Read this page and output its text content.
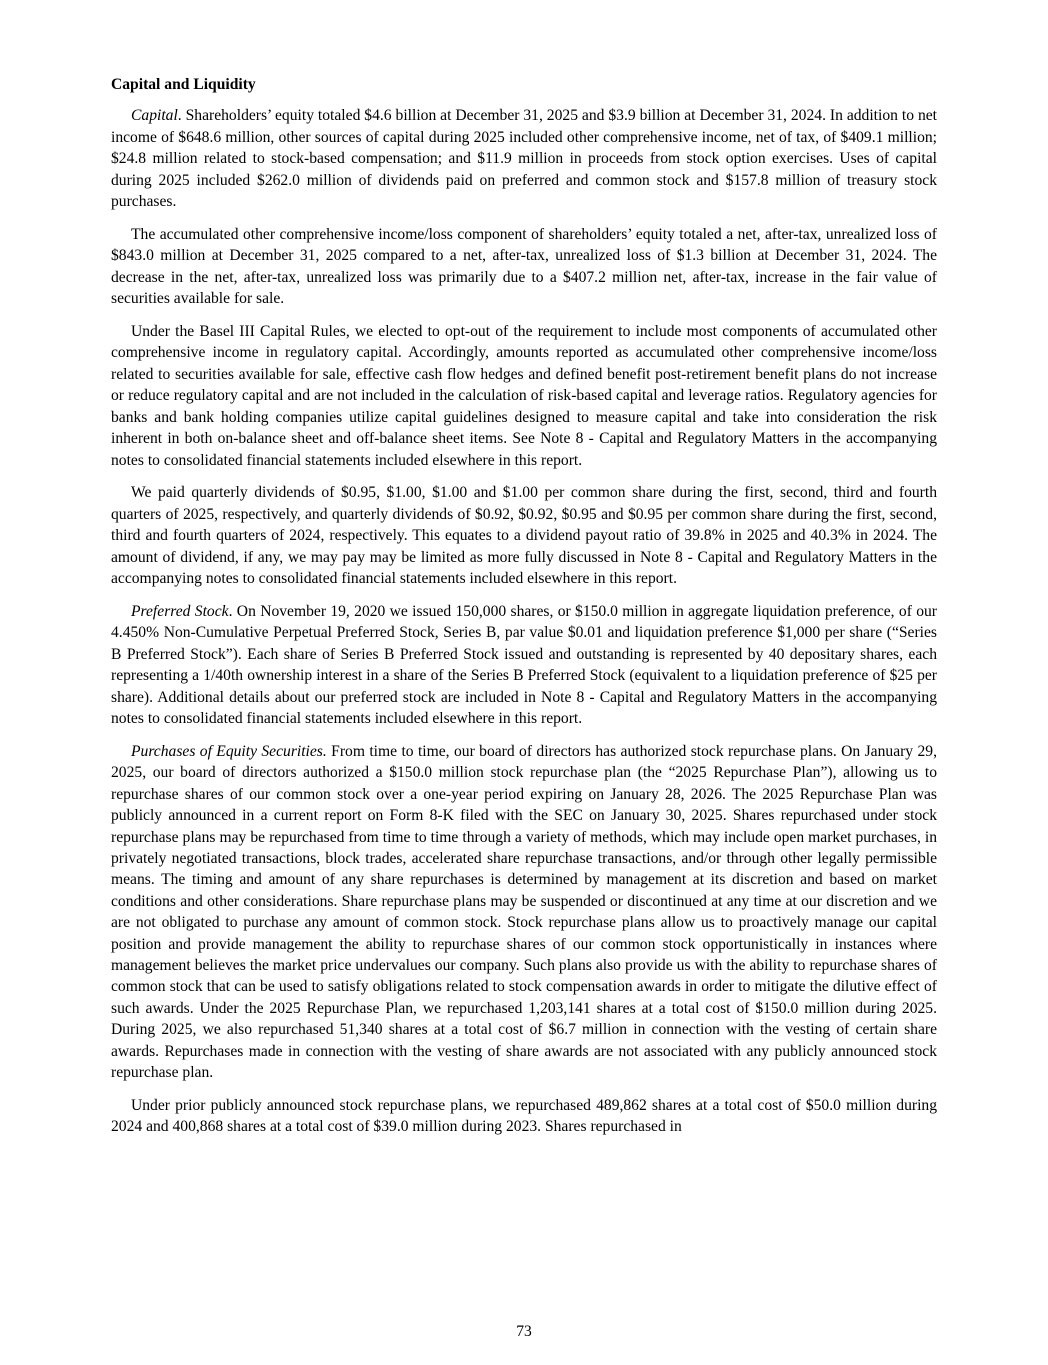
Capital and Liquidity

Capital. Shareholders’ equity totaled $4.6 billion at December 31, 2025 and $3.9 billion at December 31, 2024. In addition to net income of $648.6 million, other sources of capital during 2025 included other comprehensive income, net of tax, of $409.1 million; $24.8 million related to stock-based compensation; and $11.9 million in proceeds from stock option exercises. Uses of capital during 2025 included $262.0 million of dividends paid on preferred and common stock and $157.8 million of treasury stock purchases.

The accumulated other comprehensive income/loss component of shareholders’ equity totaled a net, after-tax, unrealized loss of $843.0 million at December 31, 2025 compared to a net, after-tax, unrealized loss of $1.3 billion at December 31, 2024. The decrease in the net, after-tax, unrealized loss was primarily due to a $407.2 million net, after-tax, increase in the fair value of securities available for sale.

Under the Basel III Capital Rules, we elected to opt-out of the requirement to include most components of accumulated other comprehensive income in regulatory capital. Accordingly, amounts reported as accumulated other comprehensive income/loss related to securities available for sale, effective cash flow hedges and defined benefit post-retirement benefit plans do not increase or reduce regulatory capital and are not included in the calculation of risk-based capital and leverage ratios. Regulatory agencies for banks and bank holding companies utilize capital guidelines designed to measure capital and take into consideration the risk inherent in both on-balance sheet and off-balance sheet items. See Note 8 - Capital and Regulatory Matters in the accompanying notes to consolidated financial statements included elsewhere in this report.

We paid quarterly dividends of $0.95, $1.00, $1.00 and $1.00 per common share during the first, second, third and fourth quarters of 2025, respectively, and quarterly dividends of $0.92, $0.92, $0.95 and $0.95 per common share during the first, second, third and fourth quarters of 2024, respectively. This equates to a dividend payout ratio of 39.8% in 2025 and 40.3% in 2024. The amount of dividend, if any, we may pay may be limited as more fully discussed in Note 8 - Capital and Regulatory Matters in the accompanying notes to consolidated financial statements included elsewhere in this report.

Preferred Stock. On November 19, 2020 we issued 150,000 shares, or $150.0 million in aggregate liquidation preference, of our 4.450% Non-Cumulative Perpetual Preferred Stock, Series B, par value $0.01 and liquidation preference $1,000 per share (“Series B Preferred Stock”). Each share of Series B Preferred Stock issued and outstanding is represented by 40 depositary shares, each representing a 1/40th ownership interest in a share of the Series B Preferred Stock (equivalent to a liquidation preference of $25 per share). Additional details about our preferred stock are included in Note 8 - Capital and Regulatory Matters in the accompanying notes to consolidated financial statements included elsewhere in this report.

Purchases of Equity Securities. From time to time, our board of directors has authorized stock repurchase plans. On January 29, 2025, our board of directors authorized a $150.0 million stock repurchase plan (the “2025 Repurchase Plan”), allowing us to repurchase shares of our common stock over a one-year period expiring on January 28, 2026. The 2025 Repurchase Plan was publicly announced in a current report on Form 8-K filed with the SEC on January 30, 2025. Shares repurchased under stock repurchase plans may be repurchased from time to time through a variety of methods, which may include open market purchases, in privately negotiated transactions, block trades, accelerated share repurchase transactions, and/or through other legally permissible means. The timing and amount of any share repurchases is determined by management at its discretion and based on market conditions and other considerations. Share repurchase plans may be suspended or discontinued at any time at our discretion and we are not obligated to purchase any amount of common stock. Stock repurchase plans allow us to proactively manage our capital position and provide management the ability to repurchase shares of our common stock opportunistically in instances where management believes the market price undervalues our company. Such plans also provide us with the ability to repurchase shares of common stock that can be used to satisfy obligations related to stock compensation awards in order to mitigate the dilutive effect of such awards. Under the 2025 Repurchase Plan, we repurchased 1,203,141 shares at a total cost of $150.0 million during 2025. During 2025, we also repurchased 51,340 shares at a total cost of $6.7 million in connection with the vesting of certain share awards. Repurchases made in connection with the vesting of share awards are not associated with any publicly announced stock repurchase plan.

Under prior publicly announced stock repurchase plans, we repurchased 489,862 shares at a total cost of $50.0 million during 2024 and 400,868 shares at a total cost of $39.0 million during 2023. Shares repurchased in

73
